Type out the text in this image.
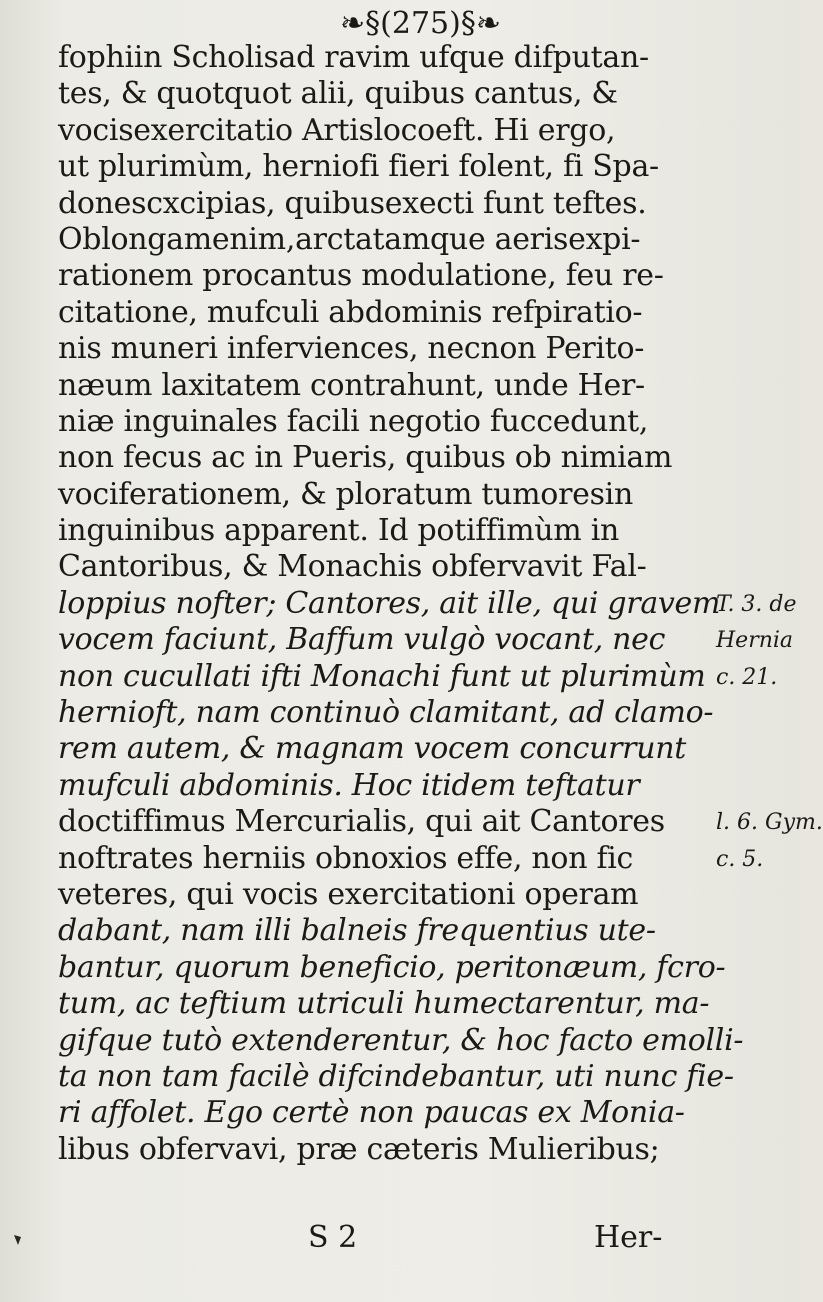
❧§(275)§❧
fophiin Scholisad ravim ufque difputan-
tes, & quotquot alii, quibus cantus, &
vocisexercitatio Artislocoeft. Hi ergo,
ut plurimùm, herniofi fieri folent, fi Spa-
donescxcipias, quibusexecti funt teftes.
Oblongamenim,arctatamque aerisexpi-
rationem procantus modulatione, feu re-
citatione, mufculi abdominis refpiratio-
nis muneri inferviences, necnon Perito-
næum laxitatem contrahunt, unde Her-
niæ inguinales facili negotio fuccedunt,
non fecus ac in Pueris, quibus ob nimiam
vociferationem, & ploratum tumoresin
inguinibus apparent. Id potiffimùm in
Cantoribus, & Monachis obfervavit Fal-
loppius nofter; Cantores, ait ille, qui gravem
vocem faciunt, Baffum vulgò vocant, nec
non cucullati ifti Monachi funt ut plurimùm
hernioft, nam continuò clamitant, ad clamo-
rem autem, & magnam vocem concurrunt
mufculi abdominis. Hoc itidem teftatur
doctiffimus Mercurialis, qui ait Cantores
noftrates herniis obnoxios effe, non fic
veteres, qui vocis exercitationi operam
dabant, nam illi balneis frequentius ute-
bantur, quorum beneficio, peritonæum, fcro-
tum, ac teftium utriculi humectarentur, ma-
gifque tutò extenderentur, & hoc facto emolli-
ta non tam facilè difcindebantur, uti nunc fie-
ri affolet. Ego certè non paucas ex Monia-
libus obfervavi, præ cæteris Mulieribus;
T. 3. de
Hernia
c. 21.
l. 6. Gym.
c. 5.
S 2	Her-
